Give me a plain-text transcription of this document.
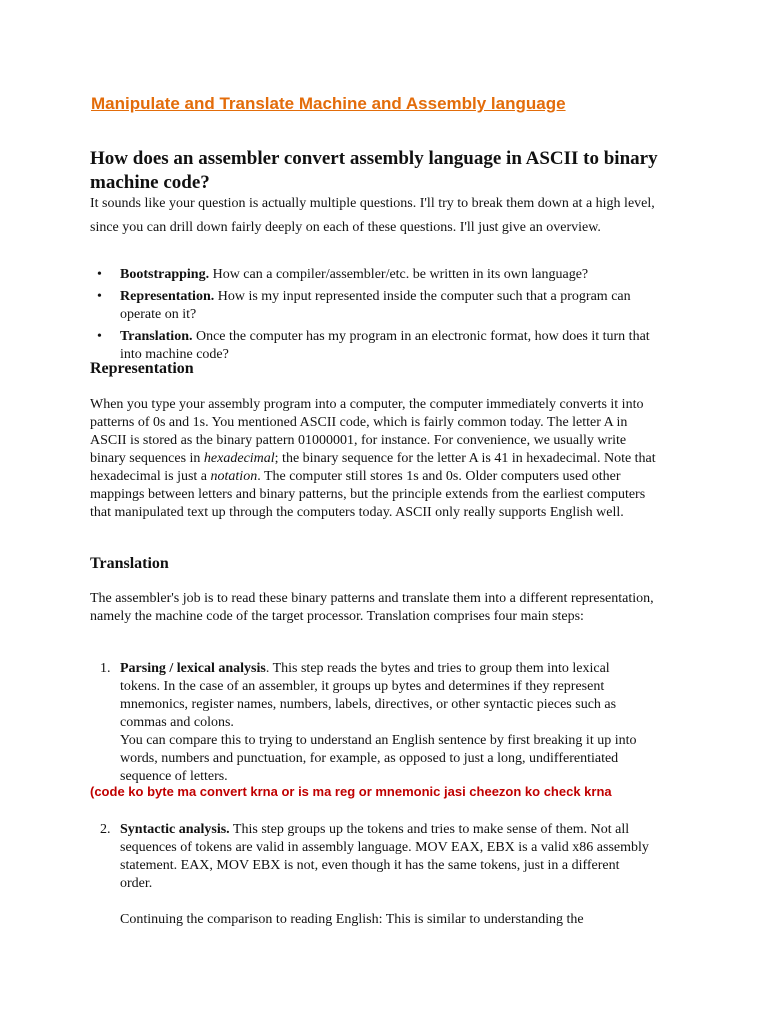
Manipulate and Translate Machine and Assembly language
How does an assembler convert assembly language in ASCII to binary machine code?

It sounds like your question is actually multiple questions. I'll try to break them down at a high level, since you can drill down fairly deeply on each of these questions. I'll just give an overview.

• Bootstrapping. How can a compiler/assembler/etc. be written in its own language?
• Representation. How is my input represented inside the computer such that a program can operate on it?
• Translation. Once the computer has my program in an electronic format, how does it turn that into machine code?
Representation

When you type your assembly program into a computer, the computer immediately converts it into patterns of 0s and 1s. You mentioned ASCII code, which is fairly common today. The letter A in ASCII is stored as the binary pattern 01000001, for instance. For convenience, we usually write binary sequences in hexadecimal; the binary sequence for the letter A is 41 in hexadecimal. Note that hexadecimal is just a notation. The computer still stores 1s and 0s. Older computers used other mappings between letters and binary patterns, but the principle extends from the earliest computers that manipulated text up through the computers today. ASCII only really supports English well.

Translation

The assembler's job is to read these binary patterns and translate them into a different representation, namely the machine code of the target processor. Translation comprises four main steps:

1. Parsing / lexical analysis. This step reads the bytes and tries to group them into lexical tokens. In the case of an assembler, it groups up bytes and determines if they represent mnemonics, register names, numbers, labels, directives, or other syntactic pieces such as commas and colons.
You can compare this to trying to understand an English sentence by first breaking it up into words, numbers and punctuation, for example, as opposed to just a long, undifferentiated sequence of letters.

(code ko byte ma convert krna or is ma reg or mnemonic jasi cheezon ko check krna

2. Syntactic analysis. This step groups up the tokens and tries to make sense of them. Not all sequences of tokens are valid in assembly language. MOV EAX, EBX is a valid x86 assembly statement. EAX, MOV EBX is not, even though it has the same tokens, just in a different order.
Continuing the comparison to reading English: This is similar to understanding the
